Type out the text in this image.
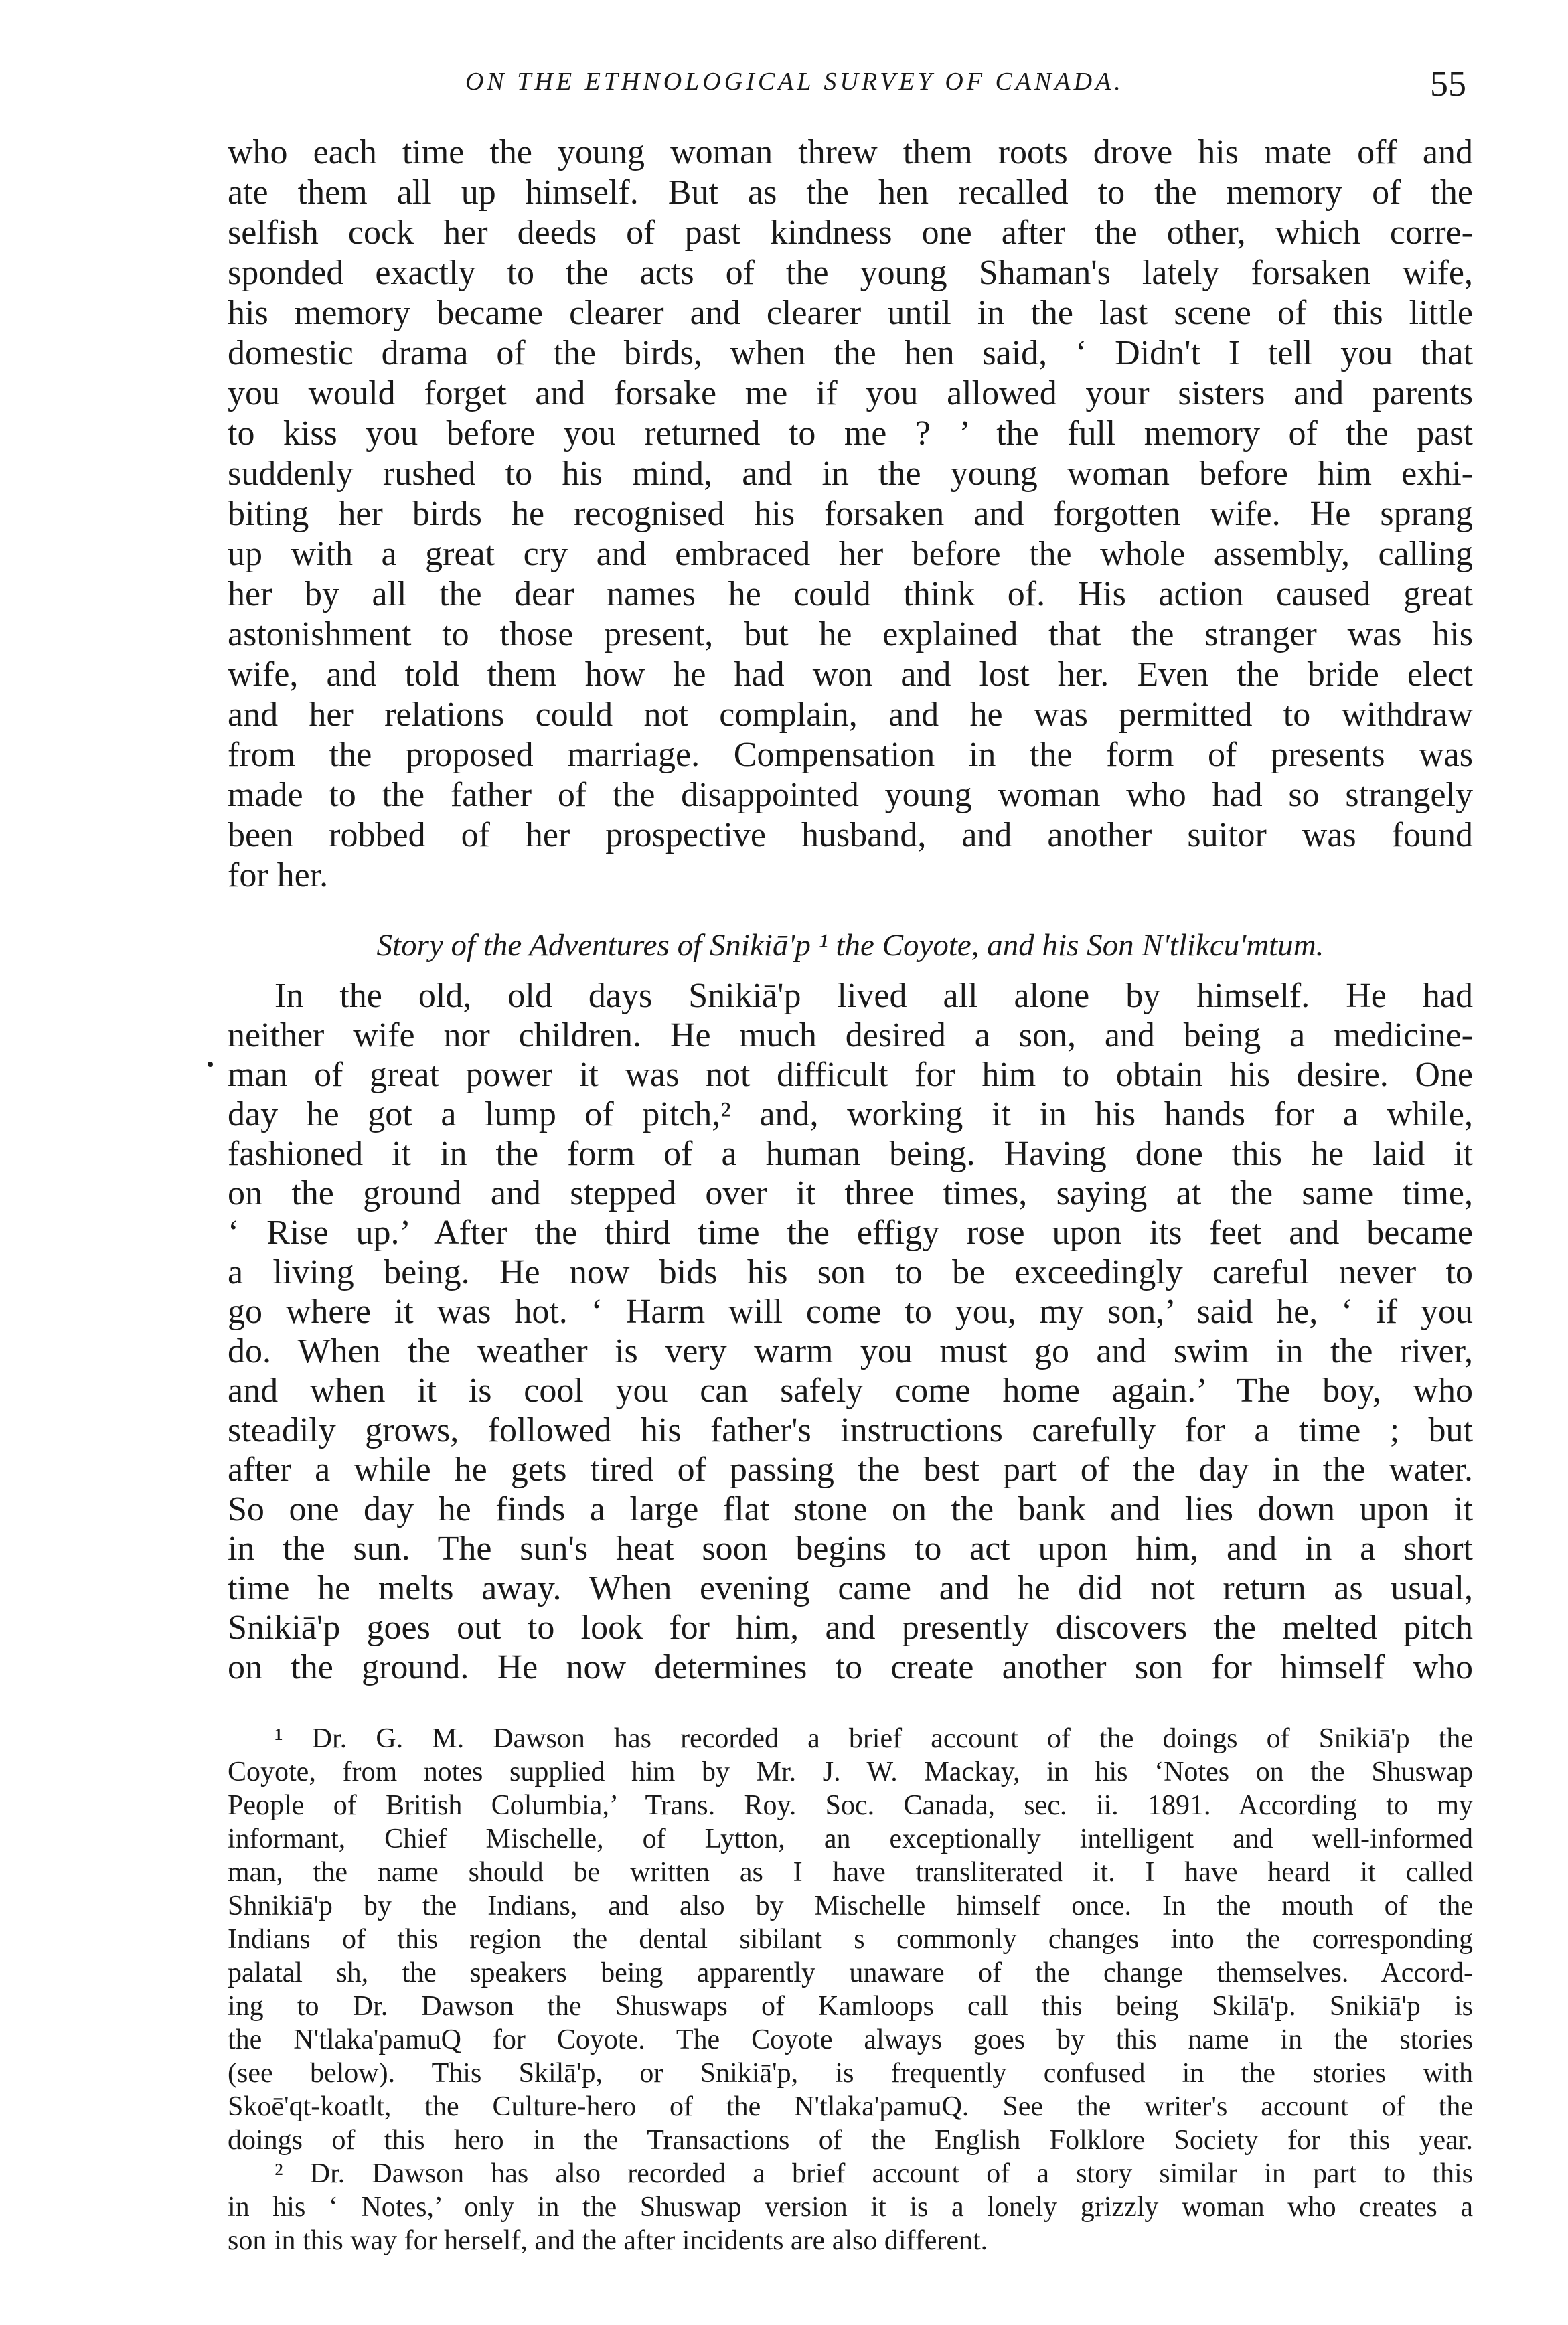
ON THE ETHNOLOGICAL SURVEY OF CANADA.	55
who each time the young woman threw them roots drove his mate off and
ate them all up himself. But as the hen recalled to the memory of the
selfish cock her deeds of past kindness one after the other, which corre-
sponded exactly to the acts of the young Shaman's lately forsaken wife,
his memory became clearer and clearer until in the last scene of this little
domestic drama of the birds, when the hen said, ‘ Didn't I tell you that
you would forget and forsake me if you allowed your sisters and parents
to kiss you before you returned to me ? ’ the full memory of the past
suddenly rushed to his mind, and in the young woman before him exhi-
biting her birds he recognised his forsaken and forgotten wife. He sprang
up with a great cry and embraced her before the whole assembly, calling
her by all the dear names he could think of. His action caused great
astonishment to those present, but he explained that the stranger was his
wife, and told them how he had won and lost her. Even the bride elect
and her relations could not complain, and he was permitted to withdraw
from the proposed marriage. Compensation in the form of presents was
made to the father of the disappointed young woman who had so strangely
been robbed of her prospective husband, and another suitor was found
for her.
Story of the Adventures of Snikiā'p ¹ the Coyote, and his Son N'tlikcu'mtum.
In the old, old days Snikiā'p lived all alone by himself. He had
neither wife nor children. He much desired a son, and being a medicine-
man of great power it was not difficult for him to obtain his desire. One
day he got a lump of pitch,² and, working it in his hands for a while,
fashioned it in the form of a human being. Having done this he laid it
on the ground and stepped over it three times, saying at the same time,
‘ Rise up.’ After the third time the effigy rose upon its feet and became
a living being. He now bids his son to be exceedingly careful never to
go where it was hot. ‘ Harm will come to you, my son,’ said he, ‘ if you
do. When the weather is very warm you must go and swim in the river,
and when it is cool you can safely come home again.’ The boy, who
steadily grows, followed his father's instructions carefully for a time ; but
after a while he gets tired of passing the best part of the day in the water.
So one day he finds a large flat stone on the bank and lies down upon it
in the sun. The sun's heat soon begins to act upon him, and in a short
time he melts away. When evening came and he did not return as usual,
Snikiā'p goes out to look for him, and presently discovers the melted pitch
on the ground. He now determines to create another son for himself who
¹ Dr. G. M. Dawson has recorded a brief account of the doings of Snikiā'p the
Coyote, from notes supplied him by Mr. J. W. Mackay, in his ‘Notes on the Shuswap
People of British Columbia,’ Trans. Roy. Soc. Canada, sec. ii. 1891. According to my
informant, Chief Mischelle, of Lytton, an exceptionally intelligent and well-informed
man, the name should be written as I have transliterated it. I have heard it called
Shnikiā'p by the Indians, and also by Mischelle himself once. In the mouth of the
Indians of this region the dental sibilant s commonly changes into the corresponding
palatal sh, the speakers being apparently unaware of the change themselves. Accord-
ing to Dr. Dawson the Shuswaps of Kamloops call this being Skilā'p. Snikiā'p is
the N'tlaka'pamuQ for Coyote. The Coyote always goes by this name in the stories
(see below). This Skilā'p, or Snikiā'p, is frequently confused in the stories with
Skoē'qt-koatlt, the Culture-hero of the N'tlaka'pamuQ. See the writer's account of the
doings of this hero in the Transactions of the English Folklore Society for this year.
² Dr. Dawson has also recorded a brief account of a story similar in part to this
in his ‘ Notes,’ only in the Shuswap version it is a lonely grizzly woman who creates a
son in this way for herself, and the after incidents are also different.
